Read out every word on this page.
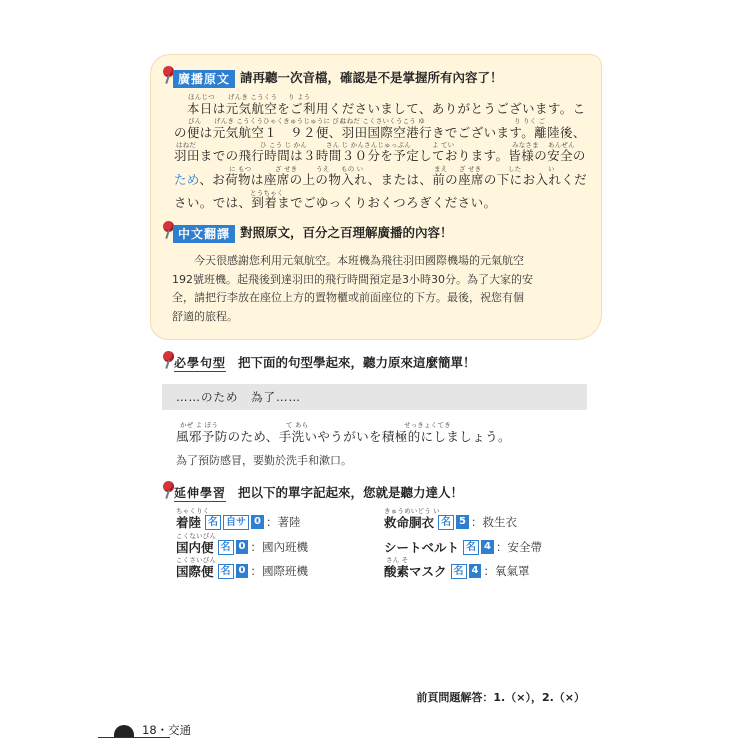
廣播原文 請再聽一次音檔，確認是不是掌握所有內容了！
ほんじつ げんき こうくう り よう
びん げんき こうくうひゃくきゅうじゅうに びん
はねだ こくさいくうこう ゆ	り りく ご
はねだ	ひ こう じ かん	さん じ かんさんじゅっぷん	よ てい	みなさま あんぜん
に もつ	ざ せき	うえ もの い	まえ ざ せき	した	い
とうちゃく
　本日は元気航空をご利用くださいまして、ありがとうございます。こ
の便は元気航空１　９２便、羽田国際空港行きでございます。離陸後、
羽田までの飛行時間は３時間３０分を予定しております。皆様の安全の
ため、お荷物は座席の上の物入れ、または、前の座席の下にお入れくだ
さい。では、到着までごゆっくりおくつろぎください。
中文翻譯 對照原文，百分之百理解廣播的內容！
今天很感謝您利用元氣航空。本班機為飛往羽田國際機場的元氣航空
192號班機。起飛後到達羽田的飛行時間預定是3小時30分。為了大家的安
全，請把行李放在座位上方的置物櫃或前面座位的下方。最後，祝您有個
舒適的旅程。
必學句型 把下面的句型學起來，聽力原來這麼簡單！
……のため　為了……
かぜ よ ぼう	て あら	せっきょくてき
風邪予防のため、手洗いやうがいを積極的にしましょう。
為了預防感冒，要勤於洗手和漱口。
延伸學習 把以下的單字記起來，您就是聽力達人！
ちゃくりく	きゅうめいどう い
こくないびん
こくさいびん	さん そ
着陸 名 自サ 0 ：著陸	救命胴衣 名 5 ：救生衣
国内便 名 0 ：國內班機	シートベルト 名 4 ：安全帶
国際便 名 0 ：國際班機	酸素マスク 名 4 ：氧氣罩
前頁問題解答：1.（×），2.（×）
18・交通
